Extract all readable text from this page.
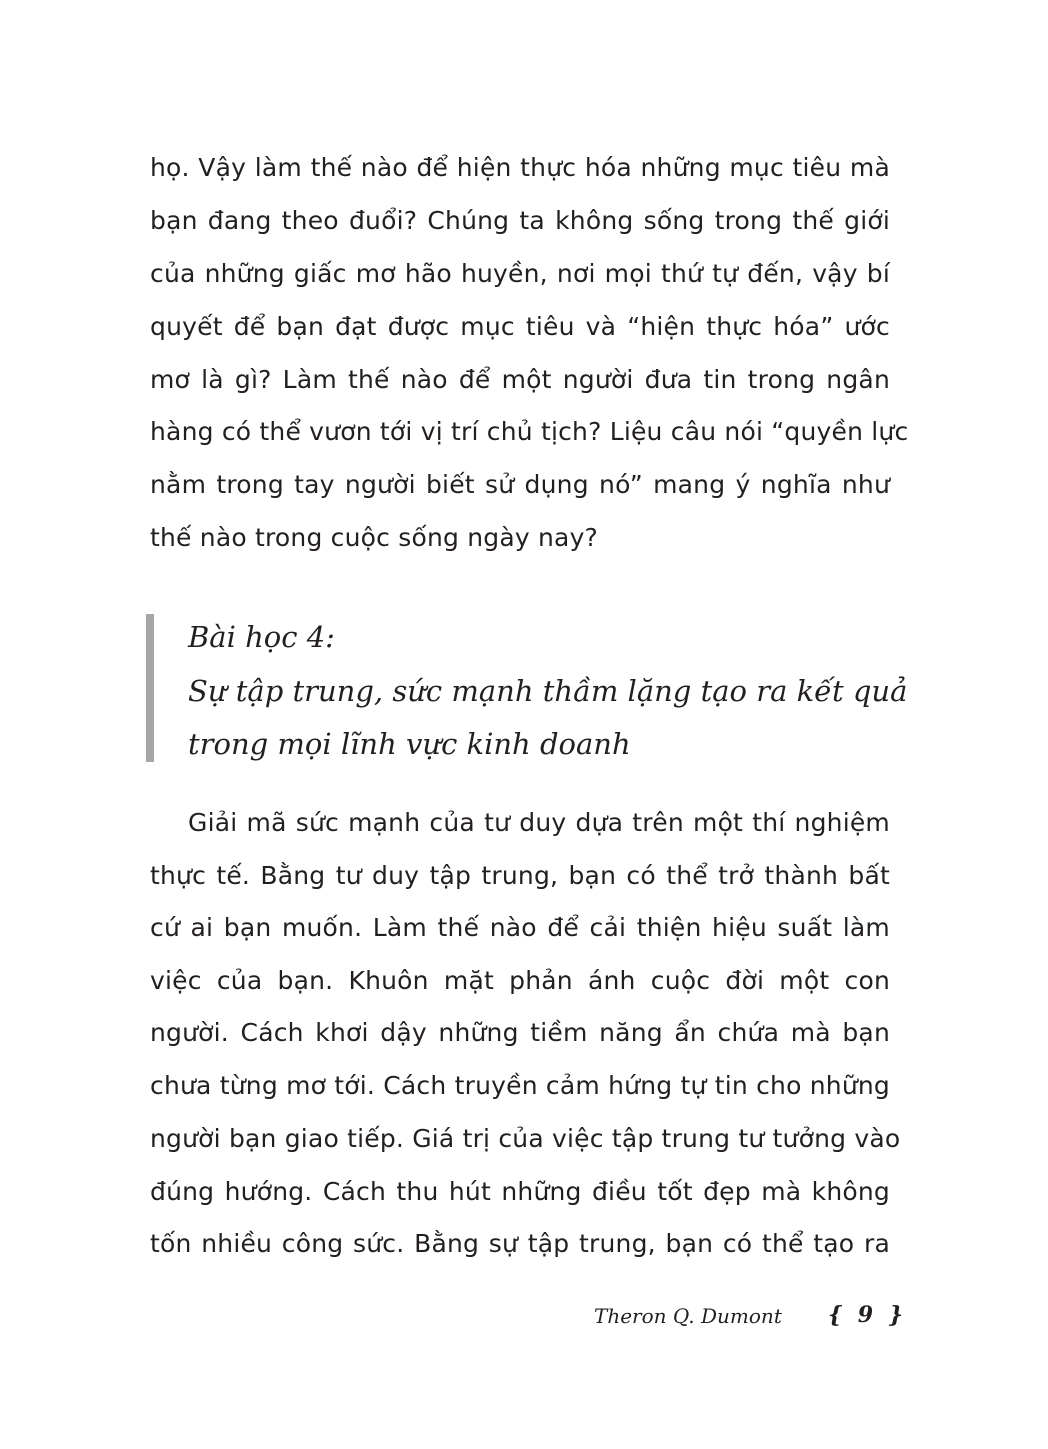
họ. Vậy làm thế nào để hiện thực hóa những mục tiêu mà
bạn đang theo đuổi? Chúng ta không sống trong thế giới
của những giấc mơ hão huyền, nơi mọi thứ tự đến, vậy bí
quyết để bạn đạt được mục tiêu và “hiện thực hóa” ước
mơ là gì? Làm thế nào để một người đưa tin trong ngân
hàng có thể vươn tới vị trí chủ tịch? Liệu câu nói “quyền lực
nằm trong tay người biết sử dụng nó” mang ý nghĩa như
thế nào trong cuộc sống ngày nay?
Bài học 4:
Sự tập trung, sức mạnh thầm lặng tạo ra kết quả
trong mọi lĩnh vực kinh doanh
Giải mã sức mạnh của tư duy dựa trên một thí nghiệm
thực tế. Bằng tư duy tập trung, bạn có thể trở thành bất
cứ ai bạn muốn. Làm thế nào để cải thiện hiệu suất làm
việc của bạn. Khuôn mặt phản ánh cuộc đời một con
người. Cách khơi dậy những tiềm năng ẩn chứa mà bạn
chưa từng mơ tới. Cách truyền cảm hứng tự tin cho những
người bạn giao tiếp. Giá trị của việc tập trung tư tưởng vào
đúng hướng. Cách thu hút những điều tốt đẹp mà không
tốn nhiều công sức. Bằng sự tập trung, bạn có thể tạo ra
Theron Q. Dumont { 9 }
